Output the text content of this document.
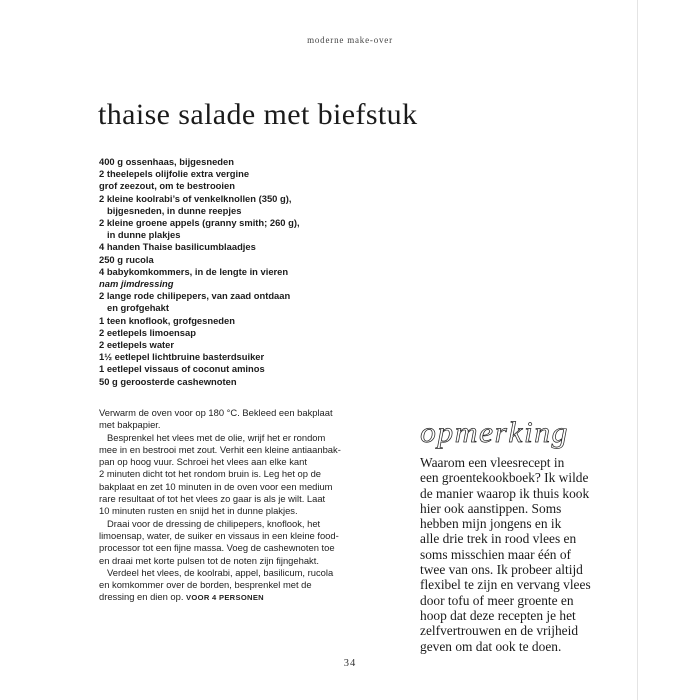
moderne make-over
thaise salade met biefstuk
400 g ossenhaas, bijgesneden
2 theelepels olijfolie extra vergine
grof zeezout, om te bestrooien
2 kleine koolrabi’s of venkelknollen (350 g),
bijgesneden, in dunne reepjes
2 kleine groene appels (granny smith; 260 g),
in dunne plakjes
4 handen Thaise basilicumblaadjes
250 g rucola
4 babykomkommers, in de lengte in vieren
nam jimdressing
2 lange rode chilipepers, van zaad ontdaan
en grofgehakt
1 teen knoflook, grofgesneden
2 eetlepels limoensap
2 eetlepels water
1½ eetlepel lichtbruine basterdsuiker
1 eetlepel vissaus of coconut aminos
50 g geroosterde cashewnoten
Verwarm de oven voor op 180 °C. Bekleed een bakplaat
met bakpapier.
Besprenkel het vlees met de olie, wrijf het er rondom
mee in en bestrooi met zout. Verhit een kleine antiaanbak-
pan op hoog vuur. Schroei het vlees aan elke kant
2 minuten dicht tot het rondom bruin is. Leg het op de
bakplaat en zet 10 minuten in de oven voor een medium
rare resultaat of tot het vlees zo gaar is als je wilt. Laat
10 minuten rusten en snijd het in dunne plakjes.
Draai voor de dressing de chilipepers, knoflook, het
limoensap, water, de suiker en vissaus in een kleine food-
processor tot een fijne massa. Voeg de cashewnoten toe
en draai met korte pulsen tot de noten zijn fijngehakt.
Verdeel het vlees, de koolrabi, appel, basilicum, rucola
en komkommer over de borden, besprenkel met de
dressing en dien op. VOOR 4 PERSONEN
opmerking
Waarom een vleesrecept in
een groentekookboek? Ik wilde
de manier waarop ik thuis kook
hier ook aanstippen. Soms
hebben mijn jongens en ik
alle drie trek in rood vlees en
soms misschien maar één of
twee van ons. Ik probeer altijd
flexibel te zijn en vervang vlees
door tofu of meer groente en
hoop dat deze recepten je het
zelfvertrouwen en de vrijheid
geven om dat ook te doen.
34
